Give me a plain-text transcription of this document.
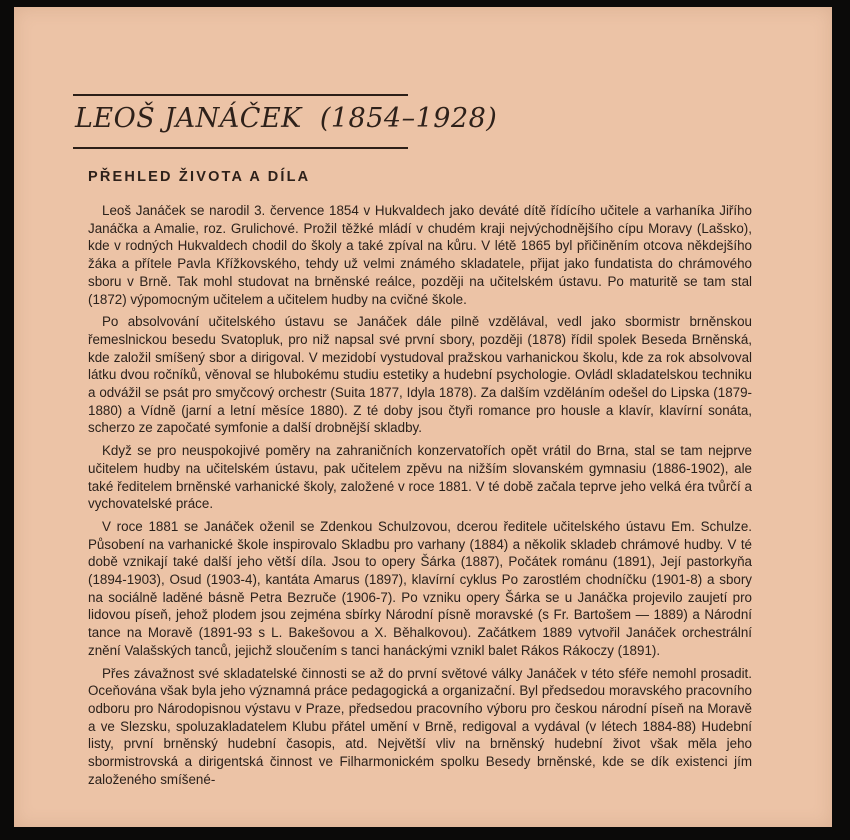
LEOŠ JANÁČEK (1854–1928)
PŘEHLED ŽIVOTA A DÍLA

Leoš Janáček se narodil 3. července 1854 v Hukvaldech jako deváté dítě řídícího učitele a varhaníka Jiřího Janáčka a Amalie, roz. Grulichové. Prožil těžké mládí v chudém kraji nejvýchodnějšího cípu Moravy (Lašsko), kde v rodných Hukvaldech chodil do školy a také zpíval na kůru. V létě 1865 byl přičiněním otcova někdejšího žáka a přítele Pavla Křížkovského, tehdy už velmi známého skladatele, přijat jako fundatista do chrámového sboru v Brně. Tak mohl studovat na brněnské reálce, později na učitelském ústavu. Po maturitě se tam stal (1872) výpomocným učitelem a učitelem hudby na cvičné škole.

Po absolvování učitelského ústavu se Janáček dále pilně vzdělával, vedl jako sbormistr brněnskou řemeslnickou besedu Svatopluk, pro niž napsal své první sbory, později (1878) řídil spolek Beseda Brněnská, kde založil smíšený sbor a dirigoval. V mezidobí vystudoval pražskou varhanickou školu, kde za rok absolvoval látku dvou ročníků, věnoval se hlubokému studiu estetiky a hudební psychologie. Ovládl skladatelskou techniku a odvážil se psát pro smyčcový orchestr (Suita 1877, Idyla 1878). Za dalším vzděláním odešel do Lipska (1879-1880) a Vídně (jarní a letní měsíce 1880). Z té doby jsou čtyři romance pro housle a klavír, klavírní sonáta, scherzo ze započaté symfonie a další drobnější skladby.

Když se pro neuspokojivé poměry na zahraničních konzervatořích opět vrátil do Brna, stal se tam nejprve učitelem hudby na učitelském ústavu, pak učitelem zpěvu na nižším slovanském gymnasiu (1886-1902), ale také ředitelem brněnské varhanické školy, založené v roce 1881. V té době začala teprve jeho velká éra tvůrčí a vychovatelské práce.

V roce 1881 se Janáček oženil se Zdenkou Schulzovou, dcerou ředitele učitelského ústavu Em. Schulze. Působení na varhanické škole inspirovalo Skladbu pro varhany (1884) a několik skladeb chrámové hudby. V té době vznikají také další jeho větší díla. Jsou to opery Šárka (1887), Počátek románu (1891), Její pastorkyňa (1894-1903), Osud (1903-4), kantáta Amarus (1897), klavírní cyklus Po zarostlém chodníčku (1901-8) a sbory na sociálně laděné básně Petra Bezruče (1906-7). Po vzniku opery Šárka se u Janáčka projevilo zaujetí pro lidovou píseň, jehož plodem jsou zejména sbírky Národní písně moravské (s Fr. Bartošem — 1889) a Národní tance na Moravě (1891-93 s L. Bakešovou a X. Běhalkovou). Začátkem 1889 vytvořil Janáček orchestrální znění Valašských tanců, jejichž sloučením s tanci hanáckými vznikl balet Rákos Rákoczy (1891).

Přes závažnost své skladatelské činnosti se až do první světové války Janáček v této sféře nemohl prosadit. Oceňována však byla jeho významná práce pedagogická a organizační. Byl předsedou moravského pracovního odboru pro Národopisnou výstavu v Praze, předsedou pracovního výboru pro českou národní píseň na Moravě a ve Slezsku, spoluzakladatelem Klubu přátel umění v Brně, redigoval a vydával (v létech 1884-88) Hudební listy, první brněnský hudební časopis, atd. Největší vliv na brněnský hudební život však měla jeho sbormistrovská a dirigentská činnost ve Filharmonickém spolku Besedy brněnské, kde se dík existenci jím založeného smíšené-
